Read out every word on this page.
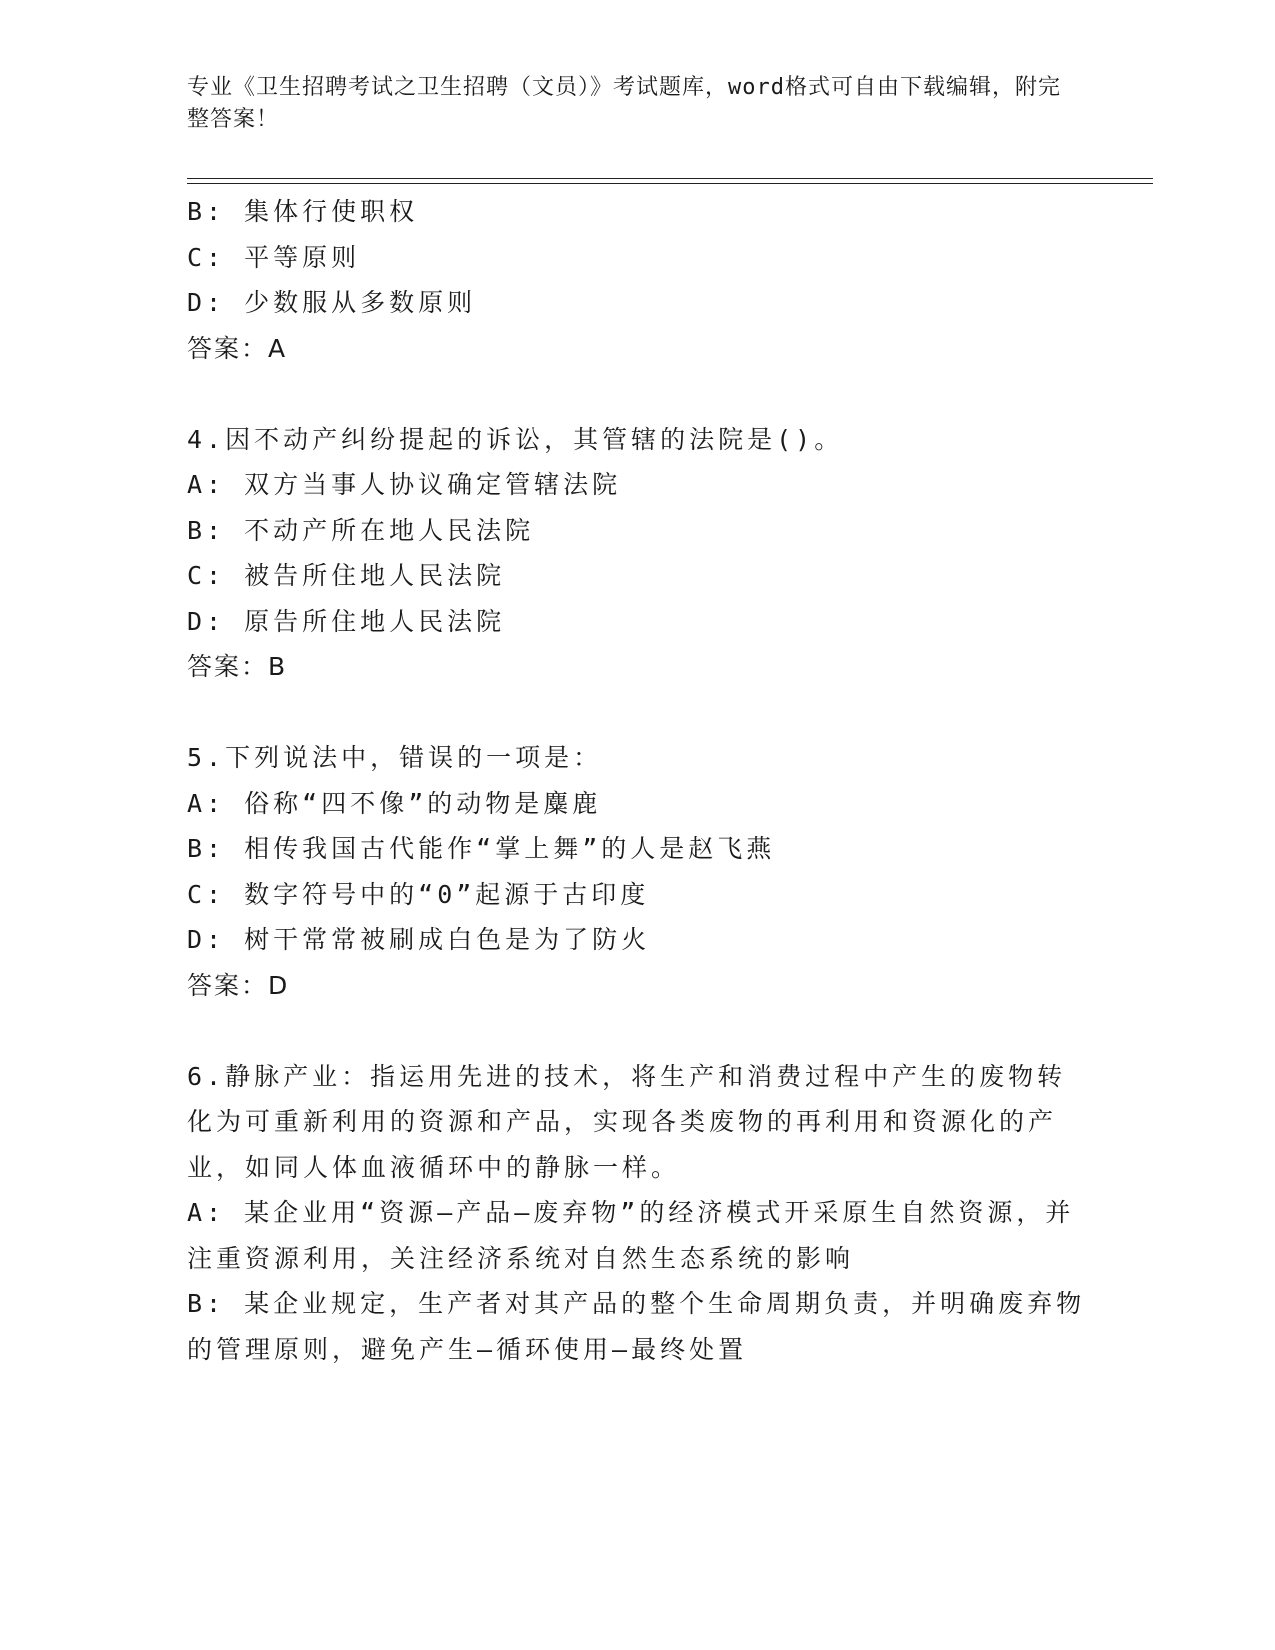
专业《卫生招聘考试之卫生招聘（文员）》考试题库，word格式可自由下载编辑，附完整答案！
B: 集体行使职权
C: 平等原则
D: 少数服从多数原则
答案：A
4.因不动产纠纷提起的诉讼，其管辖的法院是()。
A: 双方当事人协议确定管辖法院
B: 不动产所在地人民法院
C: 被告所住地人民法院
D: 原告所住地人民法院
答案：B
5.下列说法中，错误的一项是：
A: 俗称“四不像”的动物是麋鹿
B: 相传我国古代能作“掌上舞”的人是赵飞燕
C: 数字符号中的“0”起源于古印度
D: 树干常常被刷成白色是为了防火
答案：D
6.静脉产业：指运用先进的技术，将生产和消费过程中产生的废物转化为可重新利用的资源和产品，实现各类废物的再利用和资源化的产业，如同人体血液循环中的静脉一样。
A: 某企业用“资源—产品—废弃物”的经济模式开采原生自然资源，并注重资源利用，关注经济系统对自然生态系统的影响
B: 某企业规定，生产者对其产品的整个生命周期负责，并明确废弃物的管理原则，避免产生—循环使用—最终处置
